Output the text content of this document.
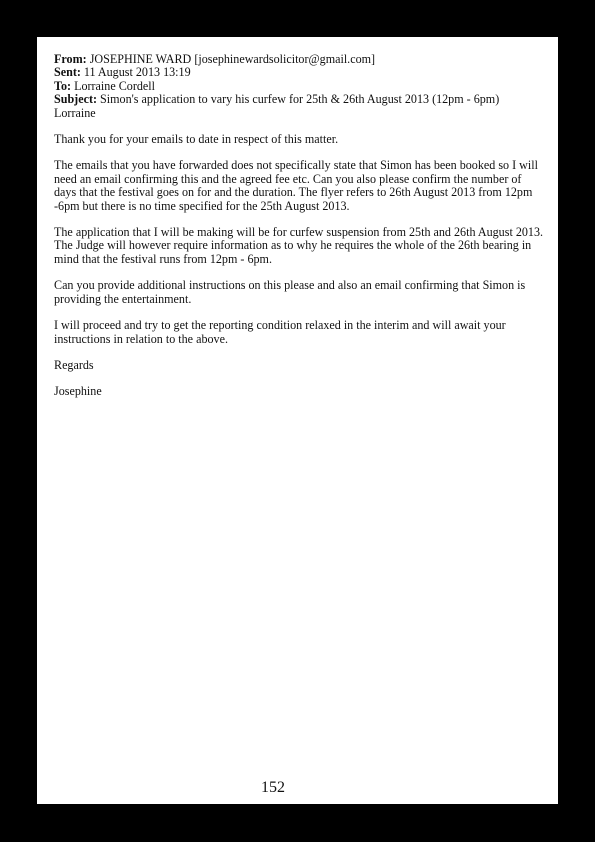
From: JOSEPHINE WARD [josephinewardsolicitor@gmail.com]
Sent: 11 August 2013 13:19
To: Lorraine Cordell
Subject: Simon's application to vary his curfew for 25th & 26th August 2013 (12pm - 6pm)
Lorraine

Thank you for your emails to date in respect of this matter.

The emails that you have forwarded does not specifically state that Simon has been booked so I will need an email confirming this and the agreed fee etc. Can you also please confirm the number of days that the festival goes on for and the duration. The flyer refers to 26th August 2013 from 12pm -6pm but there is no time specified for the 25th August 2013.

The application that I will be making will be for curfew suspension from 25th and 26th August 2013. The Judge will however require information as to why he requires the whole of the 26th bearing in mind that the festival runs from 12pm - 6pm.

Can you provide additional instructions on this please and also an email confirming that Simon is providing the entertainment.

I will proceed and try to get the reporting condition relaxed in the interim and will await your instructions in relation to the above.

Regards

Josephine

152
